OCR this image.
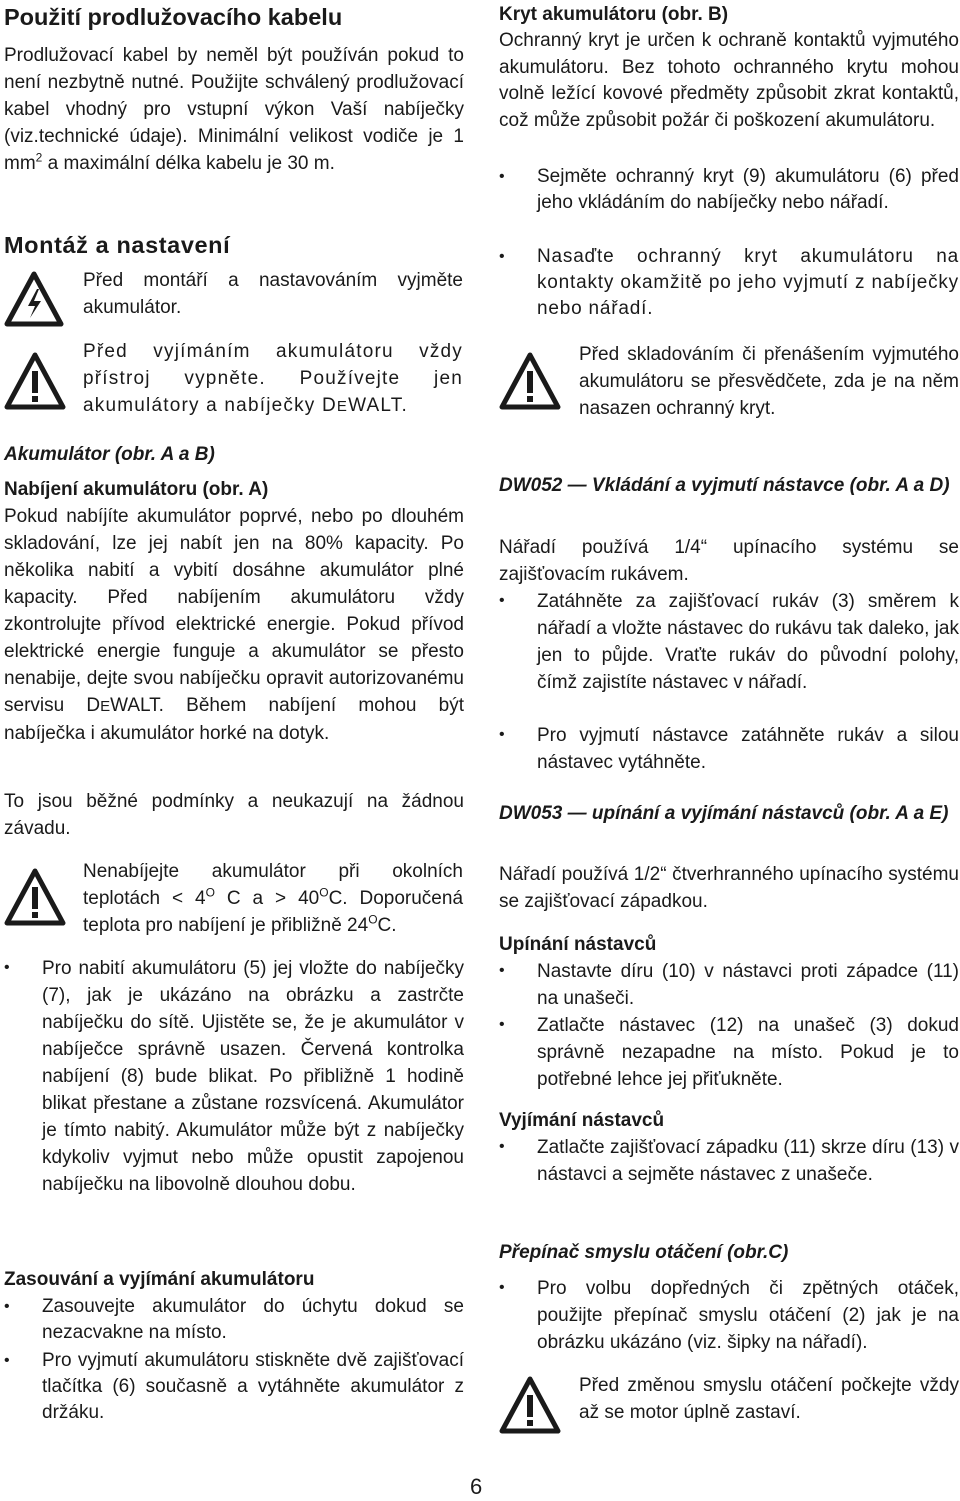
Použití prodlužovacího kabelu

Prodlužovací kabel by neměl být používán pokud to není nezbytně nutné. Použijte schválený prodlužovací kabel vhodný pro vstupní výkon Vaší nabíječky (viz.technické údaje). Minimální velikost vodiče je 1 $mm^2$ a maximální délka kabelu je 30 m.

Montáž a nastavení

Před montáří a nastavováním vyjměte akumulátor.

Před vyjímáním akumulátoru vždy přístroj vypněte. Používejte jen akumulátory a nabíječky DEWALT.

Akumulátor (obr. A a B)
Nabíjení akumulátoru (obr. A)

Pokud nabíjíte akumulátor poprvé, nebo po dlouhém skladování, lze jej nabít jen na 80% kapacity. Po několika nabití a vybití dosáhne akumulátor plné kapacity. Před nabíjením akumulátoru vždy zkontrolujte přívod elektrické energie. Pokud přívod elektrické energie funguje a akumulátor se přesto nenabije, dejte svou nabíječku opravit autorizovanému servisu DEWALT. Během nabíjení mohou být nabíječka i akumulátor horké na dotyk.

To jsou běžné podmínky a neukazují na žádnou závadu.

Nenabíjejte akumulátor při okolních teplotách < $4^O$ C $a > 40^OC$. Doporučená teplota pro nabíjení je přibližně $24^OC$.

• Pro nabití akumulátoru (5) jej vložte do nabíječky (7), jak je ukázáno na obrázku a zastrčte nabíječku do sítě. Ujistěte se, že je akumulátor v nabíječce správně usazen. Červená kontrolka nabíjení (8) bude blikat. Po přibližně 1 hodině blikat přestane a zůstane rozsvícená. Akumulátor je tímto nabitý. Akumulátor může být z nabíječky kdykoliv vyjmut nebo může opustit zapojenou nabíječku na libovolně dlouhou dobu.

Zasouvání a vyjímání akumulátoru
• Zasouvejte akumulátor do úchytu dokud se nezacvakne na místo.

• Pro vyjmutí akumulátoru stiskněte dvě zajišťovací tlačítka (6) současně a vytáhněte akumulátor z držáku.

Kryt akumulátoru (obr. B)

Ochranný kryt je určen k ochraně kontaktů vyjmutého akumulátoru. Bez tohoto ochranného krytu mohou volně ležící kovové předměty způsobit zkrat kontaktů, což může způsobit požár či poškození akumulátoru.

• Sejměte ochranný kryt (9) akumulátoru (6) před jeho vkládáním do nabíječky nebo nářadí.

• Nasaďte ochranný kryt akumulátoru na kontakty okamžitě po jeho vyjmutí z nabíječky nebo nářadí.

Před skladováním či přenášením vyjmutého akumulátoru se přesvědčete, zda je na něm nasazen ochranný kryt.

DW052 — Vkládání a vyjmutí nástavce (obr. A a D)

Nářadí používá 1/4“ upínacího systému se zajišťovacím rukávem.

• Zatáhněte za zajišťovací rukáv (3) směrem k nářadí a vložte nástavec do rukávu tak daleko, jak jen to půjde. Vraťte rukáv do původní polohy, čímž zajistíte nástavec v nářadí.

• Pro vyjmutí nástavce zatáhněte rukáv a silou nástavec vytáhněte.

DW053 — upínání a vyjímání nástavců (obr. A a E)

Nářadí používá 1/2“ čtverhranného upínacího systému se zajišťovací západkou.

Upínání nástavců
• Nastavte díru (10) v nástavci proti západce (11) na unašeči.

• Zatlačte nástavec (12) na unašeč (3) dokud správně nezapadne na místo. Pokud je to potřebné lehce jej přiťukněte.

Vyjímání nástavců
• Zatlačte zajišťovací západku (11) skrze díru (13) v nástavci a sejměte nástavec z unašeče.

Přepínač smyslu otáčení (obr.C)
• Pro volbu dopředných či zpětných otáček, použijte přepínač smyslu otáčení (2) jak je na obrázku ukázáno (viz. šipky na nářadí).

Před změnou smyslu otáčení počkejte vždy až se motor úplně zastaví.

6
